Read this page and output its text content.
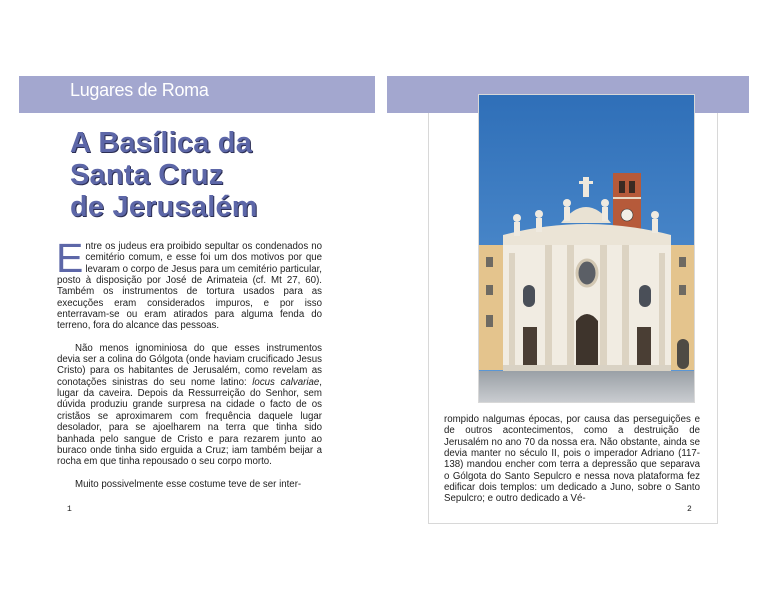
Lugares de Roma
A Basílica da
Santa Cruz
de Jerusalém

Entre os judeus era proibido sepultar os condenados no cemitério comum, e esse foi um dos motivos por que levaram o corpo de Jesus para um cemitério particular, posto à disposição por José de Arimateia (cf. Mt 27, 60). Também os instrumentos de tortura usados para as execuções eram considerados impuros, e por isso enterravam-se ou eram atirados para alguma fenda do terreno, fora do alcance das pessoas.

Não menos ignominiosa do que esses instrumentos devia ser a colina do Gólgota (onde haviam crucificado Jesus Cristo) para os habitantes de Jerusalém, como revelam as conotações sinistras do seu nome latino: locus calvariae, lugar da caveira. Depois da Ressurreição do Senhor, sem dúvida produziu grande surpresa na cidade o facto de os cristãos se aproximarem com frequência daquele lugar desolador, para se ajoelharem na terra que tinha sido banhada pelo sangue de Cristo e para rezarem junto ao buraco onde tinha sido erguida a Cruz; iam também beijar a rocha em que tinha repousado o seu corpo morto.

Muito possivelmente esse costume teve de ser inter-

1	2

rompido nalgumas épocas, por causa das perseguições e de outros acontecimentos, como a destruição de Jerusalém no ano 70 da nossa era. Não obstante, ainda se devia manter no século II, pois o imperador Adriano (117-138) mandou encher com terra a depressão que separava o Gólgota do Santo Sepulcro e nessa nova plataforma fez edificar dois templos: um dedicado a Juno, sobre o Santo Sepulcro; e outro dedicado a Vé-
